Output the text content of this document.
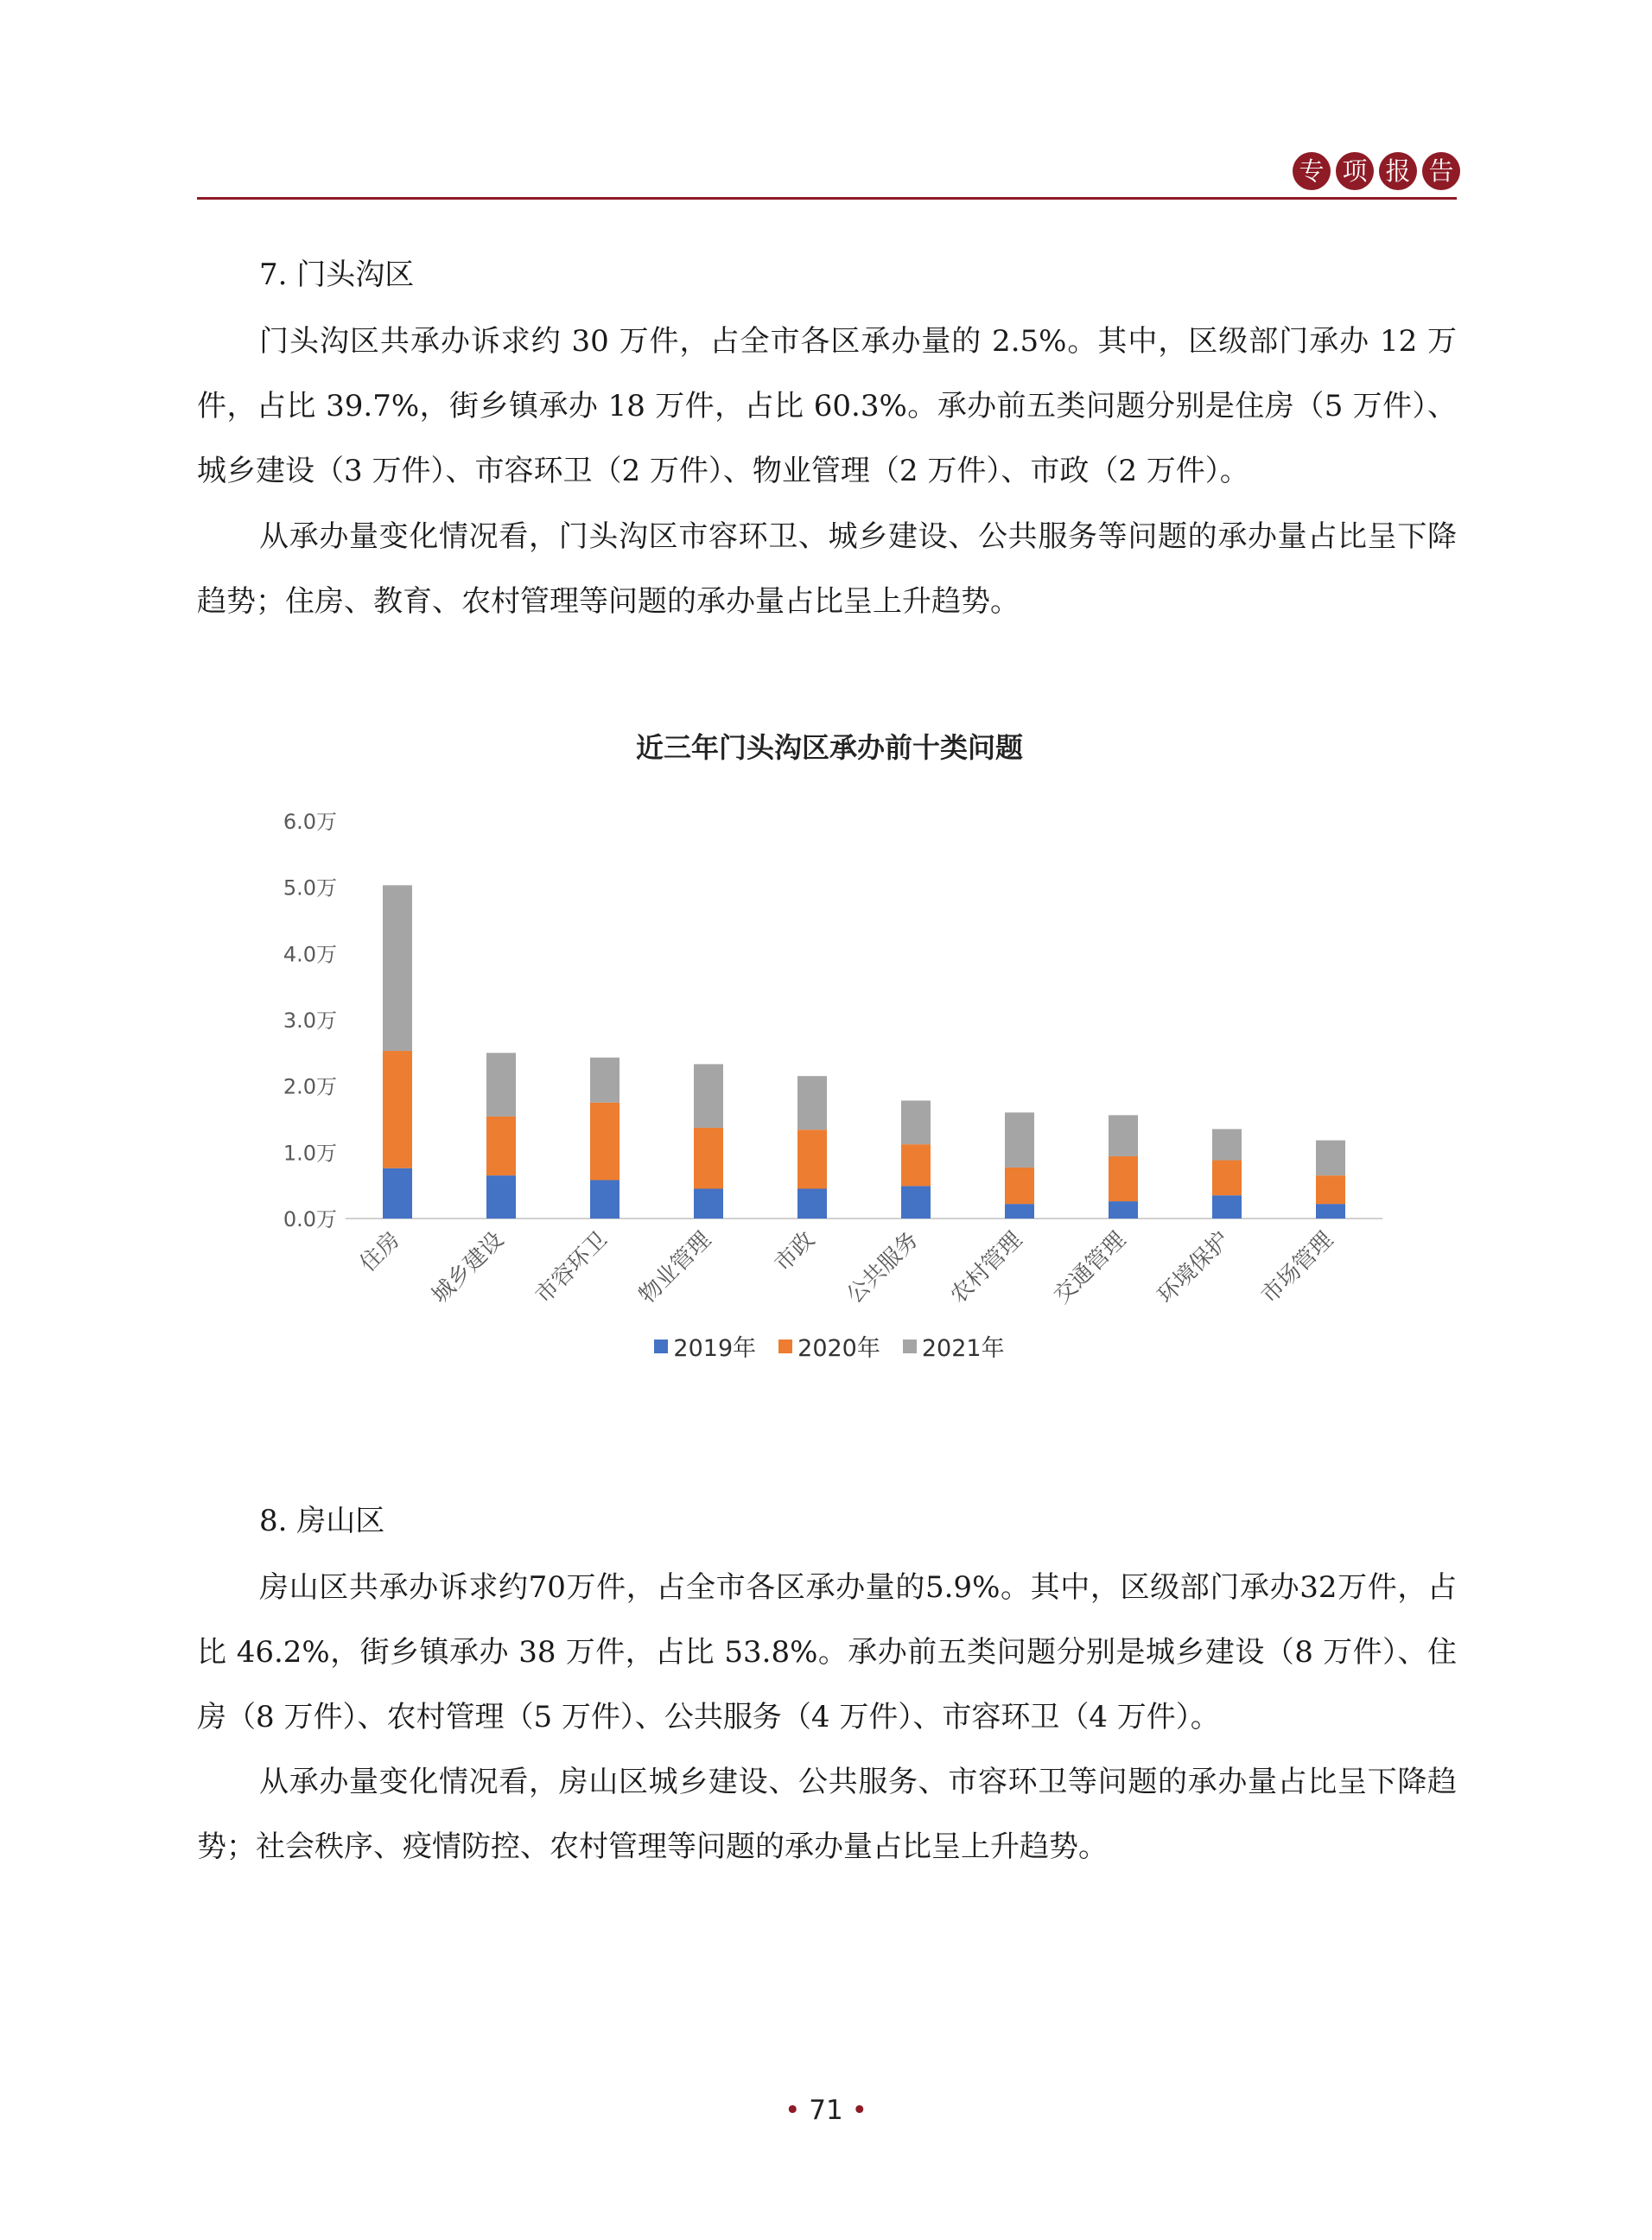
专 项 报 告
7. 门头沟区

门头沟区共承办诉求约 30 万件，占全市各区承办量的 2.5%。其中，区级部门承办 12 万件，占比 39.7%，街乡镇承办 18 万件，占比 60.3%。承办前五类问题分别是住房（5 万件）、城乡建设（3 万件）、市容环卫（2 万件）、物业管理（2 万件）、市政（2 万件）。

从承办量变化情况看，门头沟区市容环卫、城乡建设、公共服务等问题的承办量占比呈下降趋势；住房、教育、农村管理等问题的承办量占比呈上升趋势。

近三年门头沟区承办前十类问题
0.0万
1.0万
2.0万
3.0万
4.0万
5.0万
6.0万
住房 城乡建设 市容环卫 物业管理 市政 公共服务 农村管理 交通管理 环境保护 市场管理
2019年 2020年 2021年
8. 房山区

房山区共承办诉求约70万件，占全市各区承办量的5.9%。其中，区级部门承办32万件，占比 46.2%，街乡镇承办 38 万件，占比 53.8%。承办前五类问题分别是城乡建设（8 万件）、住房（8 万件）、农村管理（5 万件）、公共服务（4 万件）、市容环卫（4 万件）。

从承办量变化情况看，房山区城乡建设、公共服务、市容环卫等问题的承办量占比呈下降趋势；社会秩序、疫情防控、农村管理等问题的承办量占比呈上升趋势。

• 71 •
